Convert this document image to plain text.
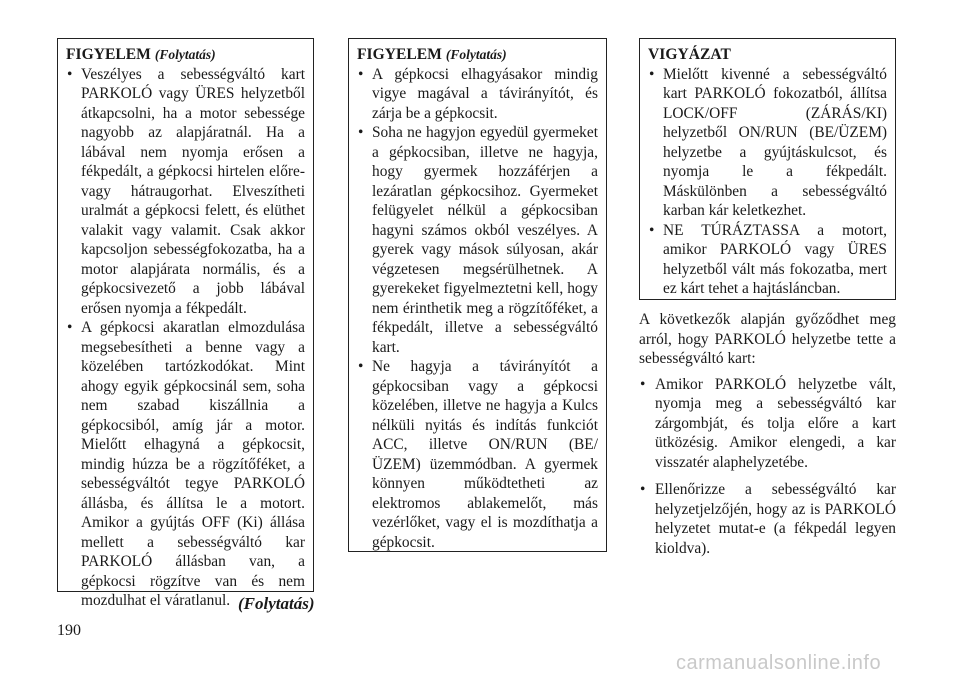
FIGYELEM (Folytatás)
• Veszélyes a sebességváltó kart PARKOLÓ vagy ÜRES helyzetből átkapcsolni, ha a motor sebessége nagyobb az alapjáratnál. Ha a lábával nem nyomja erősen a fékpedált, a gépkocsi hirtelen előre- vagy hátraugorhat. Elveszítheti uralmát a gépkocsi felett, és elüthet valakit vagy valamit. Csak akkor kapcsoljon sebességfokozatba, ha a motor alapjárata normális, és a gépkocsivezető a jobb lábával erősen nyomja a fékpedált.
• A gépkocsi akaratlan elmozdulása megsebesítheti a benne vagy a közelében tartózkodókat. Mint ahogy egyik gépkocsinál sem, soha nem szabad kiszállnia a gépkocsiból, amíg jár a motor. Mielőtt elhagyná a gépkocsit, mindig húzza be a rögzítőféket, a sebességváltót tegye PARKOLÓ állásba, és állítsa le a motort. Amikor a gyújtás OFF (Ki) állása mellett a sebességváltó kar PARKOLÓ állásban van, a gépkocsi rögzítve van és nem mozdulhat el váratlanul.
FIGYELEM (Folytatás)
• A gépkocsi elhagyásakor mindig vigye magával a távirányítót, és zárja be a gépkocsit.
• Soha ne hagyjon egyedül gyermeket a gépkocsiban, illetve ne hagyja, hogy gyermek hozzáférjen a lezáratlan gépkocsihoz. Gyermeket felügyelet nélkül a gépkocsiban hagyni számos okból veszélyes. A gyerek vagy mások súlyosan, akár végzetesen megsérülhetnek. A gyerekeket figyelmeztetni kell, hogy nem érinthetik meg a rögzítőféket, a fékpedált, illetve a sebességváltó kart.
• Ne hagyja a távirányítót a gépkocsiban vagy a gépkocsi közelében, illetve ne hagyja a Kulcs nélküli nyitás és indítás funkciót ACC, illetve ON/RUN (BE/ ÜZEM) üzemmódban. A gyermek könnyen működtetheti az elektromos ablakemelőt, más vezérlőket, vagy el is mozdíthatja a gépkocsit.
VIGYÁZAT
• Mielőtt kivenné a sebességváltó kart PARKOLÓ fokozatból, állítsa LOCK/OFF (ZÁRÁS/KI) helyzetből ON/RUN (BE/ÜZEM) helyzetbe a gyújtáskulcsot, és nyomja le a fékpedált. Máskülönben a sebességváltó karban kár keletkezhet.
• NE TÚRÁZTASSA a motort, amikor PARKOLÓ vagy ÜRES helyzetből vált más fokozatba, mert ez kárt tehet a hajtásláncban.

A következők alapján győződhet meg arról, hogy PARKOLÓ helyzetbe tette a sebességváltó kart:

• Amikor PARKOLÓ helyzetbe vált, nyomja meg a sebességváltó kar zárgombját, és tolja előre a kart ütközésig. Amikor elengedi, a kar visszatér alaphelyzetébe.
• Ellenőrizze a sebességváltó kar helyzetjelzőjén, hogy az is PARKOLÓ helyzetet mutat-e (a fékpedál legyen kioldva).
(Folytatás)
190
carmanualsonline.info
